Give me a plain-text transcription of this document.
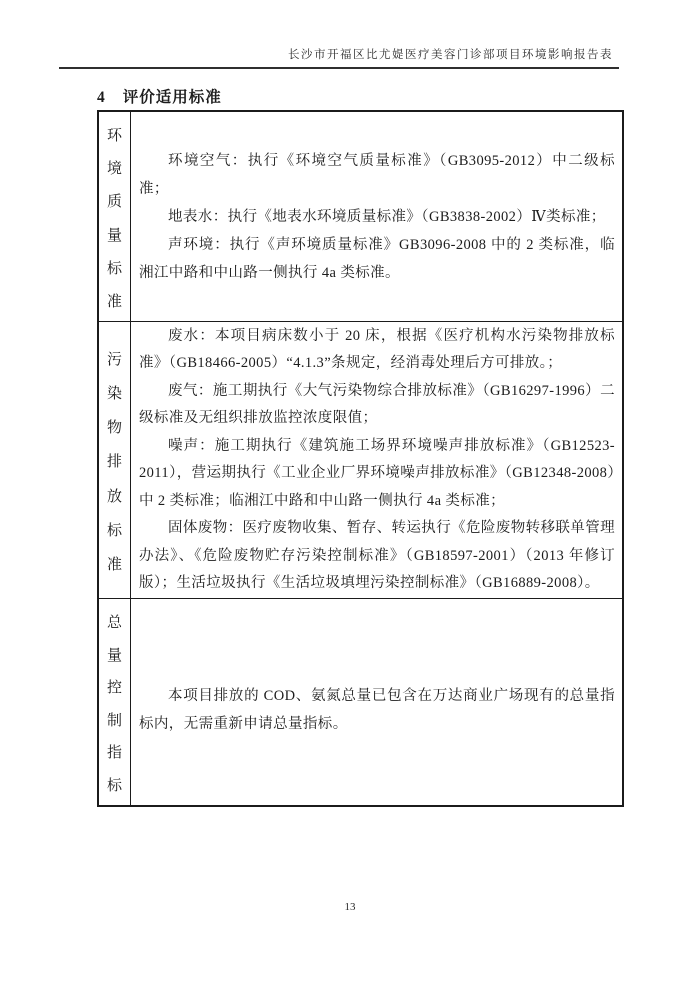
长沙市开福区比尤媞医疗美容门诊部项目环境影响报告表
4 评价适用标准
环
境
质
量
标
准

环境空气：执行《环境空气质量标准》（GB3095-2012）中二级标准；

地表水：执行《地表水环境质量标准》（GB3838-2002）Ⅳ类标准；

声环境：执行《声环境质量标准》GB3096-2008 中的 2 类标准，临湘江中路和中山路一侧执行 4a 类标准。

污
染
物
排
放
标
准

废水：本项目病床数小于 20 床，根据《医疗机构水污染物排放标准》（GB18466-2005）“4.1.3”条规定，经消毒处理后方可排放。；

废气：施工期执行《大气污染物综合排放标准》（GB16297-1996）二级标准及无组织排放监控浓度限值；

噪声：施工期执行《建筑施工场界环境噪声排放标准》（GB12523-2011），营运期执行《工业企业厂界环境噪声排放标准》（GB12348-2008）中 2 类标准；临湘江中路和中山路一侧执行 4a 类标准；

固体废物：医疗废物收集、暂存、转运执行《危险废物转移联单管理办法》、《危险废物贮存污染控制标准》（GB18597-2001）（2013 年修订版）；生活垃圾执行《生活垃圾填埋污染控制标准》（GB16889-2008）。

总
量
控
制
指
标

本项目排放的 COD、氨氮总量已包含在万达商业广场现有的总量指标内，无需重新申请总量指标。

13
